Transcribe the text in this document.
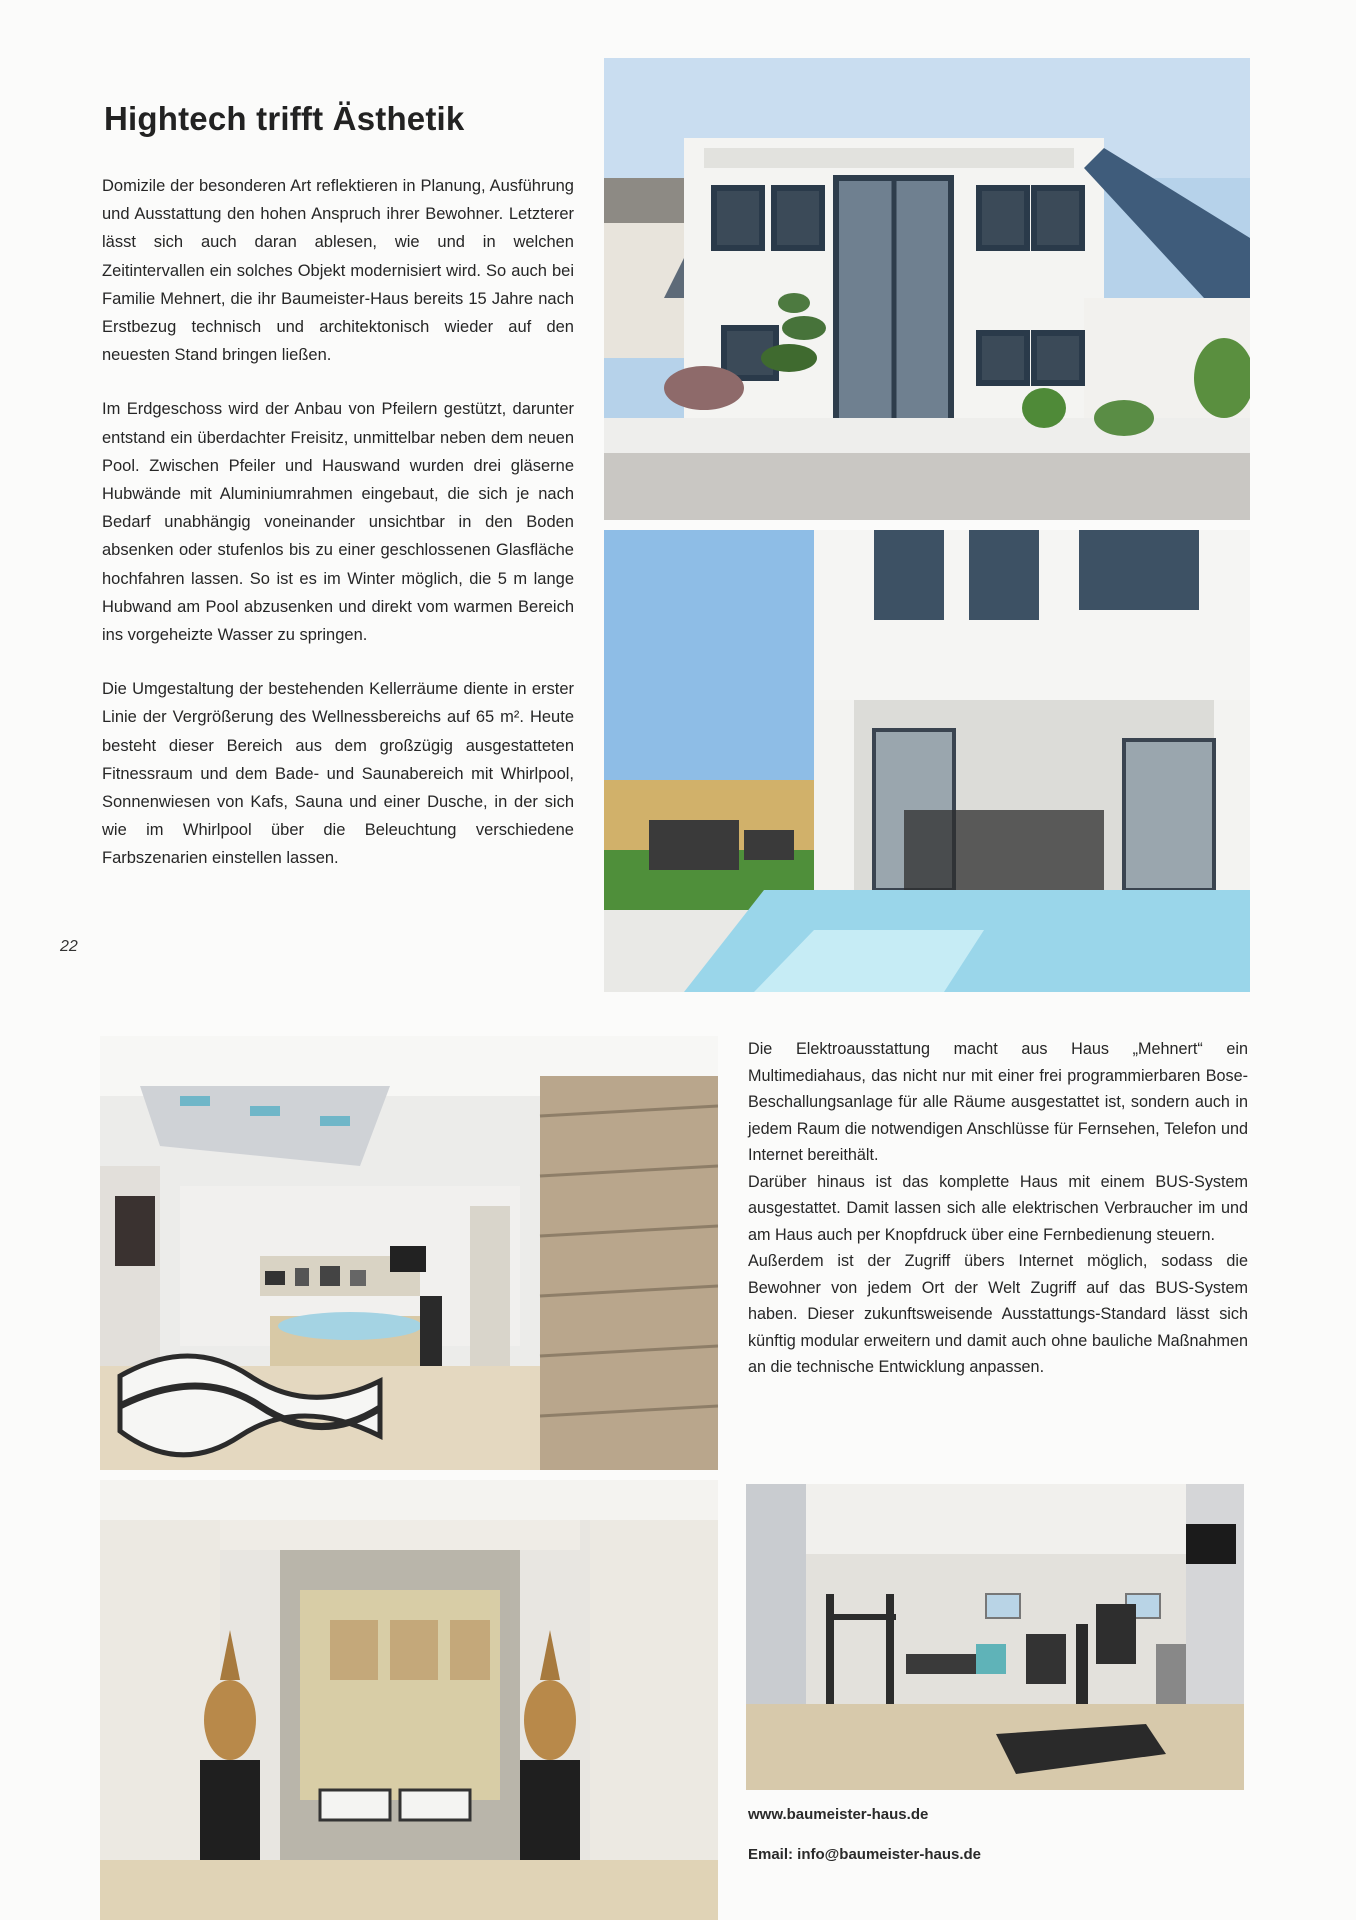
Hightech trifft Ästhetik

Domizile der besonderen Art reflektieren in Planung, Ausführung und Ausstattung den hohen Anspruch ihrer Bewohner. Letzterer lässt sich auch daran ablesen, wie und in welchen Zeitintervallen ein solches Objekt modernisiert wird. So auch bei Familie Mehnert, die ihr Baumeister-Haus bereits 15 Jahre nach Erstbezug technisch und architektonisch wieder auf den neuesten Stand bringen ließen.

Im Erdgeschoss wird der Anbau von Pfeilern gestützt, darunter entstand ein überdachter Freisitz, unmittelbar neben dem neuen Pool. Zwischen Pfeiler und Hauswand wurden drei gläserne Hubwände mit Aluminiumrahmen eingebaut, die sich je nach Bedarf unabhängig voneinander unsichtbar in den Boden absenken oder stufenlos bis zu einer geschlossenen Glasfläche hochfahren lassen. So ist es im Winter möglich, die 5 m lange Hubwand am Pool abzusenken und direkt vom warmen Bereich ins vorgeheizte Wasser zu springen.

Die Umgestaltung der bestehenden Kellerräume diente in erster Linie der Vergrößerung des Wellnessbereichs auf 65 m². Heute besteht dieser Bereich aus dem großzügig ausgestatteten Fitnessraum und dem Bade- und Saunabereich mit Whirlpool, Sonnenwiesen von Kafs, Sauna und einer Dusche, in der sich wie im Whirlpool über die Beleuchtung verschiedene Farbszenarien einstellen lassen.

22

Die Elektroausstattung macht aus Haus „Mehnert“ ein Multimediahaus, das nicht nur mit einer frei programmierbaren Bose-Beschallungsanlage für alle Räume ausgestattet ist, sondern auch in jedem Raum die notwendigen Anschlüsse für Fernsehen, Telefon und Internet bereithält.

Darüber hinaus ist das komplette Haus mit einem BUS-System ausgestattet. Damit lassen sich alle elektrischen Verbraucher im und am Haus auch per Knopfdruck über eine Fernbedienung steuern.

Außerdem ist der Zugriff übers Internet möglich, sodass die Bewohner von jedem Ort der Welt Zugriff auf das BUS-System haben. Dieser zukunftsweisende Ausstattungs-Standard lässt sich künftig modular erweitern und damit auch ohne bauliche Maßnahmen an die technische Entwicklung anpassen.

www.baumeister-haus.de
Email: info@baumeister-haus.de
